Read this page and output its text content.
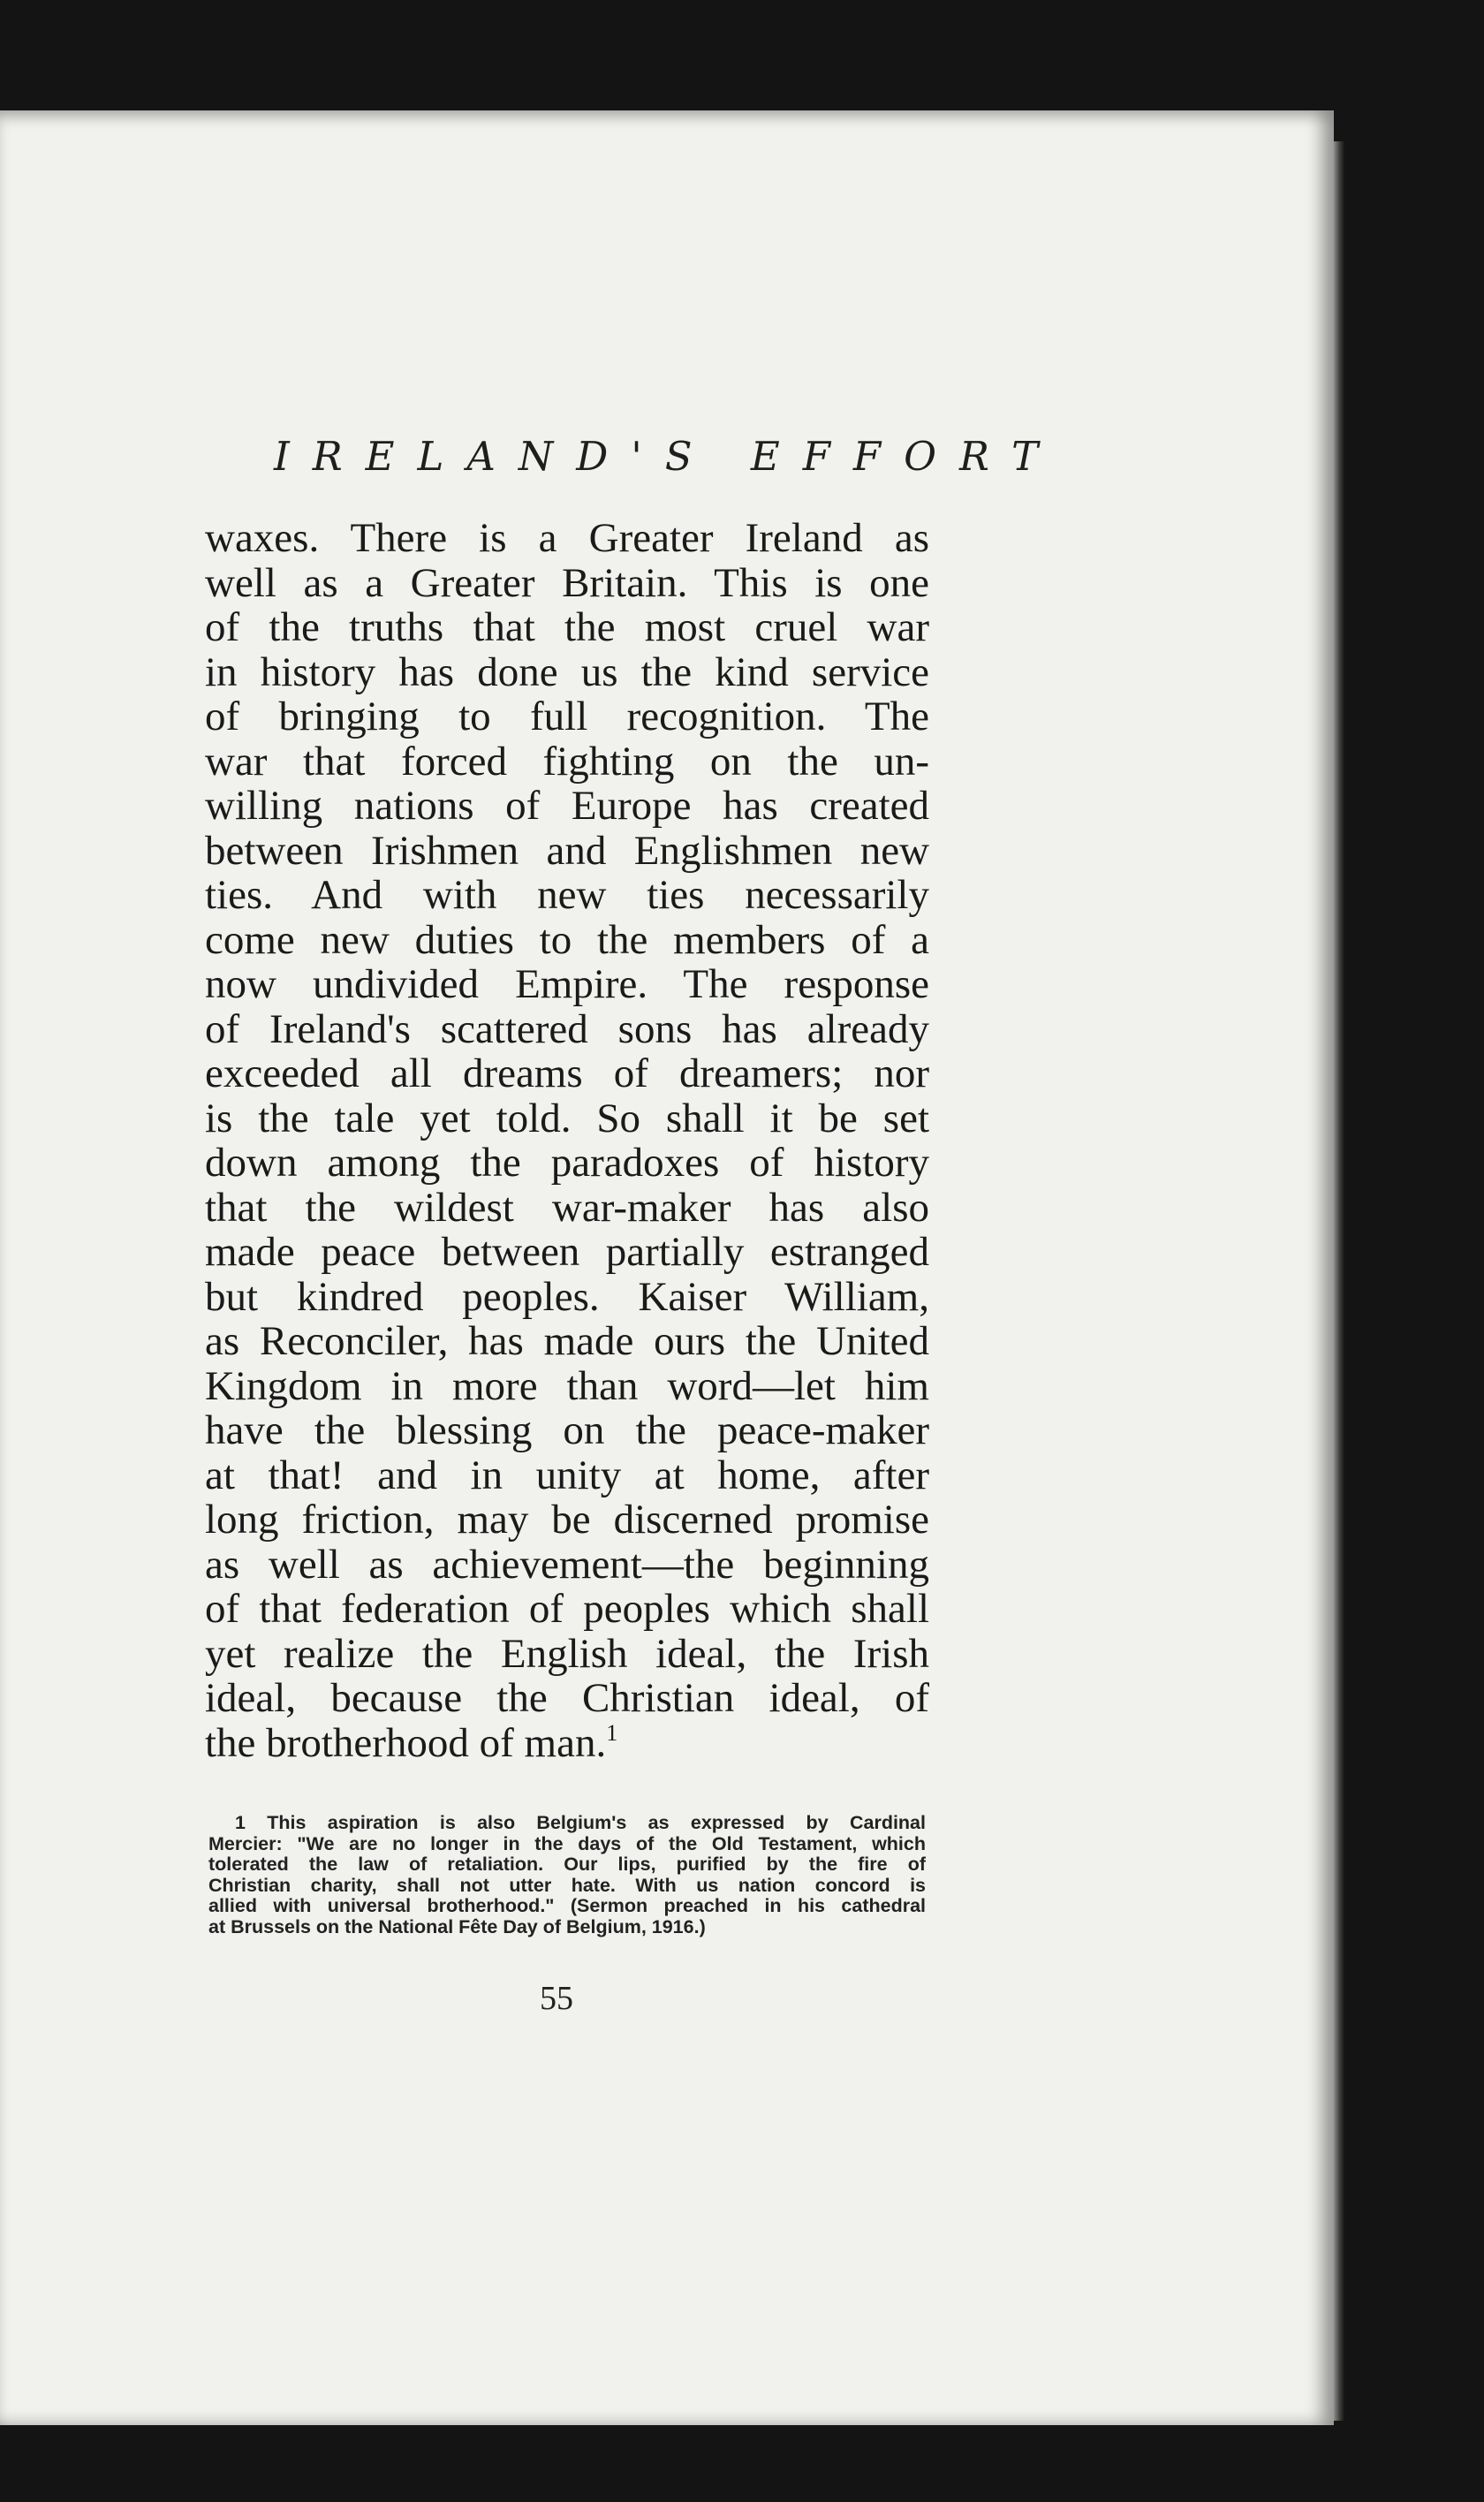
IRELAND'S EFFORT
waxes. There is a Greater Ireland as
well as a Greater Britain. This is one
of the truths that the most cruel war
in history has done us the kind service
of bringing to full recognition. The
war that forced fighting on the un-
willing nations of Europe has created
between Irishmen and Englishmen new
ties. And with new ties necessarily
come new duties to the members of a
now undivided Empire. The response
of Ireland's scattered sons has already
exceeded all dreams of dreamers; nor
is the tale yet told. So shall it be set
down among the paradoxes of history
that the wildest war-maker has also
made peace between partially estranged
but kindred peoples. Kaiser William,
as Reconciler, has made ours the United
Kingdom in more than word—let him
have the blessing on the peace-maker
at that! and in unity at home, after
long friction, may be discerned promise
as well as achievement—the beginning
of that federation of peoples which shall
yet realize the English ideal, the Irish
ideal, because the Christian ideal, of
the brotherhood of man.$^1$
1 This aspiration is also Belgium's as expressed by Cardinal
Mercier: "We are no longer in the days of the Old Testament, which
tolerated the law of retaliation. Our lips, purified by the fire of
Christian charity, shall not utter hate. With us nation concord is
allied with universal brotherhood." (Sermon preached in his cathedral
at Brussels on the National Fête Day of Belgium, 1916.)
55
